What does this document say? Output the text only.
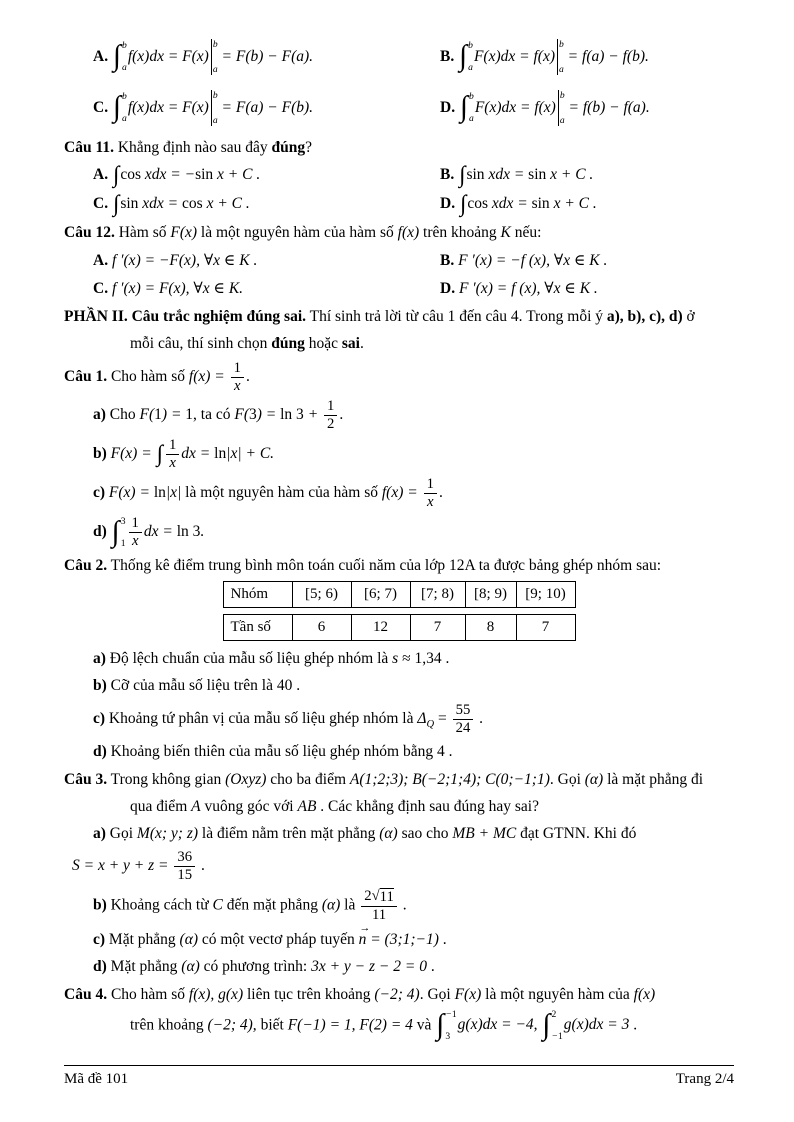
A. ∫ b
a
f(x)dx = F(x)
b
a
= F(b) − F(a).	B. ∫ b
a
F(x)dx = f(x)
b
a
= f(a) − f(b).
C. ∫ b
a
f(x)dx = F(x)
b
a
= F(a) − F(b).	D. ∫ b
a
F(x)dx = f(x)
b
a
= f(b) − f(a).
Câu 11. Khẳng định nào sau đây đúng?
A. ∫ cos xdx = −sin x + C .	B. ∫ sin xdx = sin x + C .
C. ∫ sin xdx = cos x + C .	D. ∫ cos xdx = sin x + C .
Câu 12. Hàm số F(x) là một nguyên hàm của hàm số f(x) trên khoảng K nếu:
A. f ′(x) = −F(x), ∀x ∈ K .	B. F ′(x) = −f (x), ∀x ∈ K .
C. f ′(x) = F(x), ∀x ∈ K.	D. F ′(x) = f (x), ∀x ∈ K .
PHẦN II. Câu trắc nghiệm đúng sai. Thí sinh trả lời từ câu 1 đến câu 4. Trong mỗi ý a), b), c), d) ở
mỗi câu, thí sinh chọn đúng hoặc sai.
Câu 1. Cho hàm số $f(x) = \frac{1}{x}$ .
a) Cho F(1) = 1, ta có $F(3) = \ln 3 + \frac{1}{2}$ .
b) F(x) = ∫ $\frac{1}{x}$ dx = ln|x| + C.
c) F(x) = ln|x| là một nguyên hàm của hàm số $f(x) = \frac{1}{x}$ .
d) ∫ 3
$1 \frac{1}{x}$ dx = ln 3.
Câu 2. Thống kê điểm trung bình môn toán cuối năm của lớp 12A ta được bảng ghép nhóm sau:
Nhóm	[5; 6)	[6; 7)	[7; 8)	[8; 9)	[9; 10)
Tần số	6	12	7	8	7
a) Độ lệch chuẩn của mẫu số liệu ghép nhóm là s ≈ 1,34 .
b) Cỡ của mẫu số liệu trên là 40 .
c) Khoảng tứ phân vị của mẫu số liệu ghép nhóm là $\Delta_Q = \frac{55}{24}$ .
d) Khoảng biến thiên của mẫu số liệu ghép nhóm bằng 4 .
Câu 3. Trong không gian (Oxyz) cho ba điểm A(1;2;3); B(−2;1;4); C(0;−1;1). Gọi (α) là mặt phẳng đi
qua điểm A vuông góc với AB . Các khẳng định sau đúng hay sai?
a) Gọi M(x; y; z) là điểm nằm trên mặt phẳng (α) sao cho MB + MC đạt GTNN. Khi đó
$S = x + y + z = \frac{36}{15}$ .
b) Khoảng cách từ C đến mặt phẳng (α) là $\frac{2 √ 11}{11}$ .
c) Mặt phẳng (α) có một vectơ pháp tuyến
→
n = (3;1;−1) .
d) Mặt phẳng (α) có phương trình: 3x + y − z − 2 = 0 .
Câu 4. Cho hàm số f(x), g(x) liên tục trên khoảng (−2; 4). Gọi F(x) là một nguyên hàm của f(x)
trên khoảng (−2; 4), biết F(−1) = 1, F(2) = 4 và ∫ −1
3
g(x)dx = −4, ∫ 2
−1
g(x)dx = 3 .
Mã đề 101	Trang 2/4
